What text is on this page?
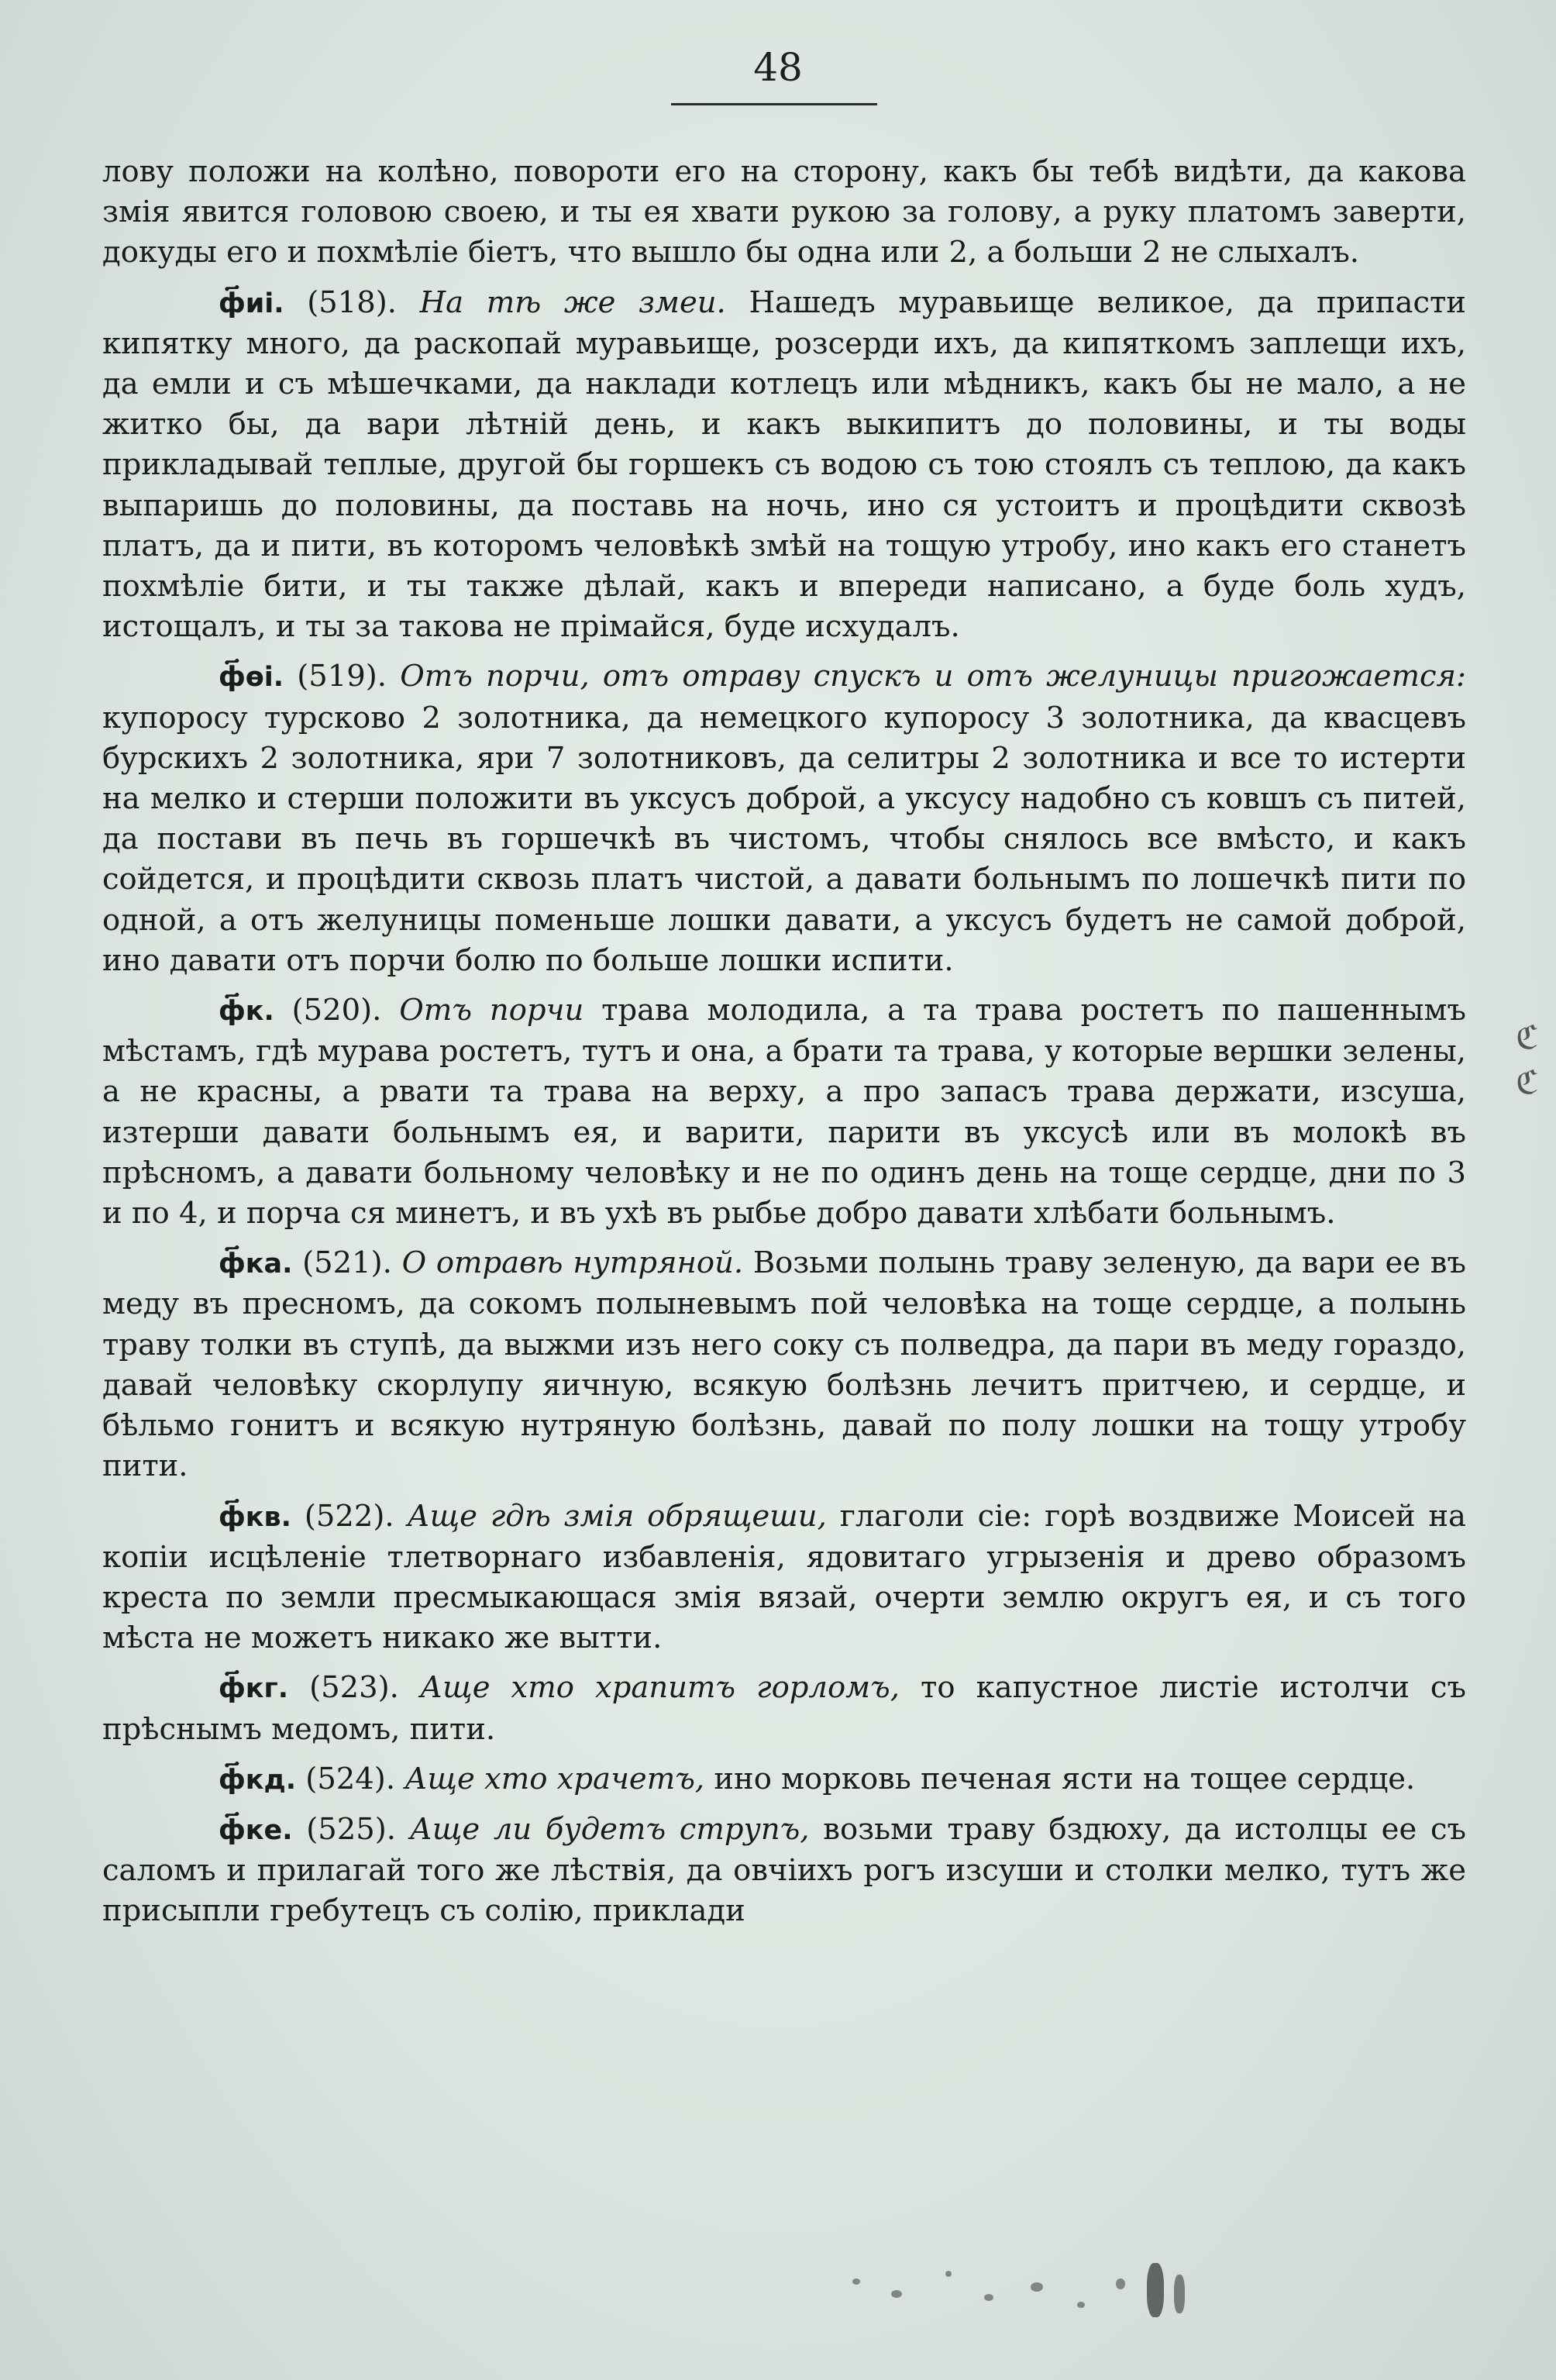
48

лову положи на колѣно, повороти его на сторону, какъ бы тебѣ видѣти, да какова змія явится головою своею, и ты ея хвати рукою за голову, а руку платомъ заверти, докуды его и похмѣліе біетъ, что вышло бы одна или 2, а больши 2 не слыхалъ.

ф҃иі. (518). На тѣ же змеи. Нашедъ муравьище великое, да припасти кипятку много, да раскопай муравьище, розсерди ихъ, да кипяткомъ заплещи ихъ, да емли и съ мѣшечками, да наклади котлецъ или мѣдникъ, какъ бы не мало, а не житко бы, да вари лѣтній день, и какъ выкипитъ до половины, и ты воды прикладывай теплые, другой бы горшекъ съ водою съ тою стоялъ съ теплою, да какъ выпаришь до половины, да поставь на ночь, ино ся устоитъ и процѣдити сквозѣ платъ, да и пити, въ которомъ человѣкѣ змѣй на тощую утробу, ино какъ его станетъ похмѣліе бити, и ты также дѣлай, какъ и впереди написано, а буде боль худъ, истощалъ, и ты за такова не прімайся, буде исхудалъ.

ф҃ѳі. (519). Отъ порчи, отъ отраву спускъ и отъ желуницы пригожается: купоросу турсково 2 золотника, да немецкого купоросу 3 золотника, да квасцевъ бурскихъ 2 золотника, яри 7 золотниковъ, да селитры 2 золотника и все то истерти на мелко и стерши положити въ уксусъ доброй, а уксусу надобно съ ковшъ съ питей, да постави въ печь въ горшечкѣ въ чистомъ, чтобы снялось все вмѣсто, и какъ сойдется, и процѣдити сквозь платъ чистой, а давати больнымъ по лошечкѣ пити по одной, а отъ желуницы поменьше лошки давати, а уксусъ будетъ не самой доброй, ино давати отъ порчи болю по больше лошки испити.

ф҃к. (520). Отъ порчи трава молодила, а та трава ростетъ по пашеннымъ мѣстамъ, гдѣ мурава ростетъ, тутъ и она, а брати та трава, у которые вершки зелены, а не красны, а рвати та трава на верху, а про запасъ трава держати, изсуша, изтерши давати больнымъ ея, и варити, парити въ уксусѣ или въ молокѣ въ прѣсномъ, а давати больному человѣку и не по одинъ день на тоще сердце, дни по 3 и по 4, и порча ся минетъ, и въ ухѣ въ рыбье добро давати хлѣбати больнымъ.

ф҃ка. (521). О отравѣ нутряной. Возьми полынь траву зеленую, да вари ее въ меду въ пресномъ, да сокомъ полыневымъ пой человѣка на тоще сердце, а полынь траву толки въ ступѣ, да выжми изъ него соку съ полведра, да пари въ меду гораздо, давай человѣку скорлупу яичную, всякую болѣзнь лечитъ притчею, и сердце, и бѣльмо гонитъ и всякую нутряную болѣзнь, давай по полу лошки на тощу утробу пити.

ф҃кв. (522). Аще гдѣ змія обрящеши, глаголи сіе: горѣ воздвиже Моисей на копіи исцѣленіе тлетворнаго избавленія, ядовитаго угрызенія и древо образомъ креста по земли пресмыкающася змія вязай, очерти землю округъ ея, и съ того мѣста не можетъ никако же вытти.

ф҃кг. (523). Аще хто храпитъ горломъ, то капустное листіе истолчи съ прѣснымъ медомъ, пити.

ф҃кд. (524). Аще хто храчетъ, ино морковь печеная ясти на тощее сердце.

ф҃ке. (525). Аще ли будетъ струпъ, возьми траву бздюху, да истолцы ее съ саломъ и прилагай того же лѣствія, да овчіихъ рогъ изсуши и столки мелко, тутъ же присыпли гребутецъ съ солію, приклади

ℭ ℭ
